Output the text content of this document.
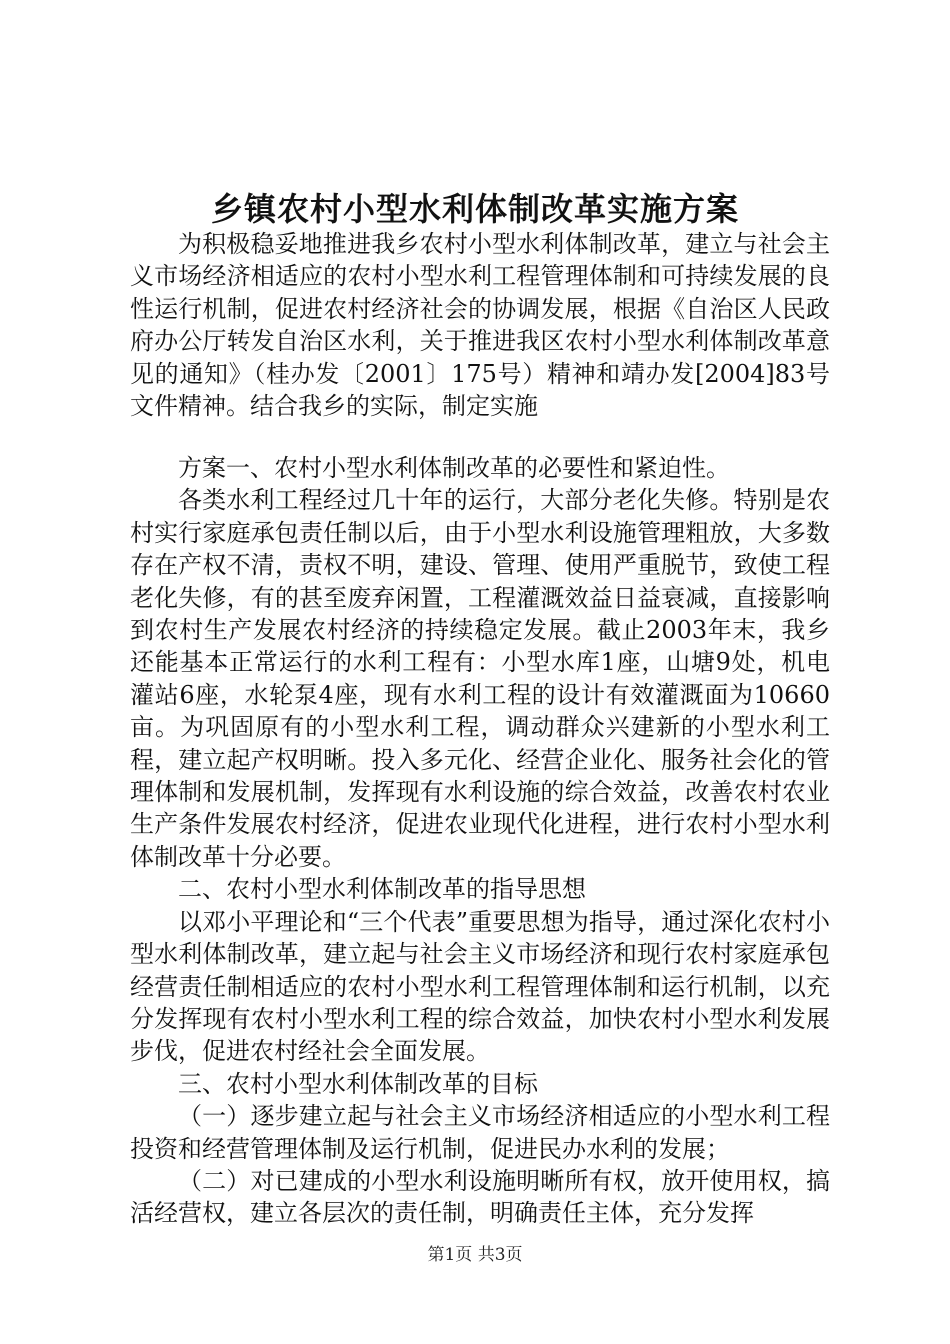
乡镇农村小型水利体制改革实施方案

为积极稳妥地推进我乡农村小型水利体制改革，建立与社会主义市场经济相适应的农村小型水利工程管理体制和可持续发展的良性运行机制，促进农村经济社会的协调发展，根据《自治区人民政府办公厅转发自治区水利，关于推进我区农村小型水利体制改革意见的通知》（桂办发〔2001〕175号）精神和靖办发[2004]83号文件精神。结合我乡的实际，制定实施

方案一、农村小型水利体制改革的必要性和紧迫性。

各类水利工程经过几十年的运行，大部分老化失修。特别是农村实行家庭承包责任制以后，由于小型水利设施管理粗放，大多数存在产权不清，责权不明，建设、管理、使用严重脱节，致使工程老化失修，有的甚至废弃闲置，工程灌溉效益日益衰减，直接影响到农村生产发展农村经济的持续稳定发展。截止2003年末，我乡还能基本正常运行的水利工程有：小型水库1座，山塘9处，机电灌站6座，水轮泵4座，现有水利工程的设计有效灌溉面为10660亩。为巩固原有的小型水利工程，调动群众兴建新的小型水利工程，建立起产权明晰。投入多元化、经营企业化、服务社会化的管理体制和发展机制，发挥现有水利设施的综合效益，改善农村农业生产条件发展农村经济，促进农业现代化进程，进行农村小型水利体制改革十分必要。

二、农村小型水利体制改革的指导思想

以邓小平理论和“三个代表”重要思想为指导，通过深化农村小型水利体制改革，建立起与社会主义市场经济和现行农村家庭承包经营责任制相适应的农村小型水利工程管理体制和运行机制，以充分发挥现有农村小型水利工程的综合效益，加快农村小型水利发展步伐，促进农村经社会全面发展。

三、农村小型水利体制改革的目标

（一）逐步建立起与社会主义市场经济相适应的小型水利工程投资和经营管理体制及运行机制，促进民办水利的发展；

（二）对已建成的小型水利设施明晰所有权，放开使用权，搞活经营权，建立各层次的责任制，明确责任主体，充分发挥

第1页 共3页
